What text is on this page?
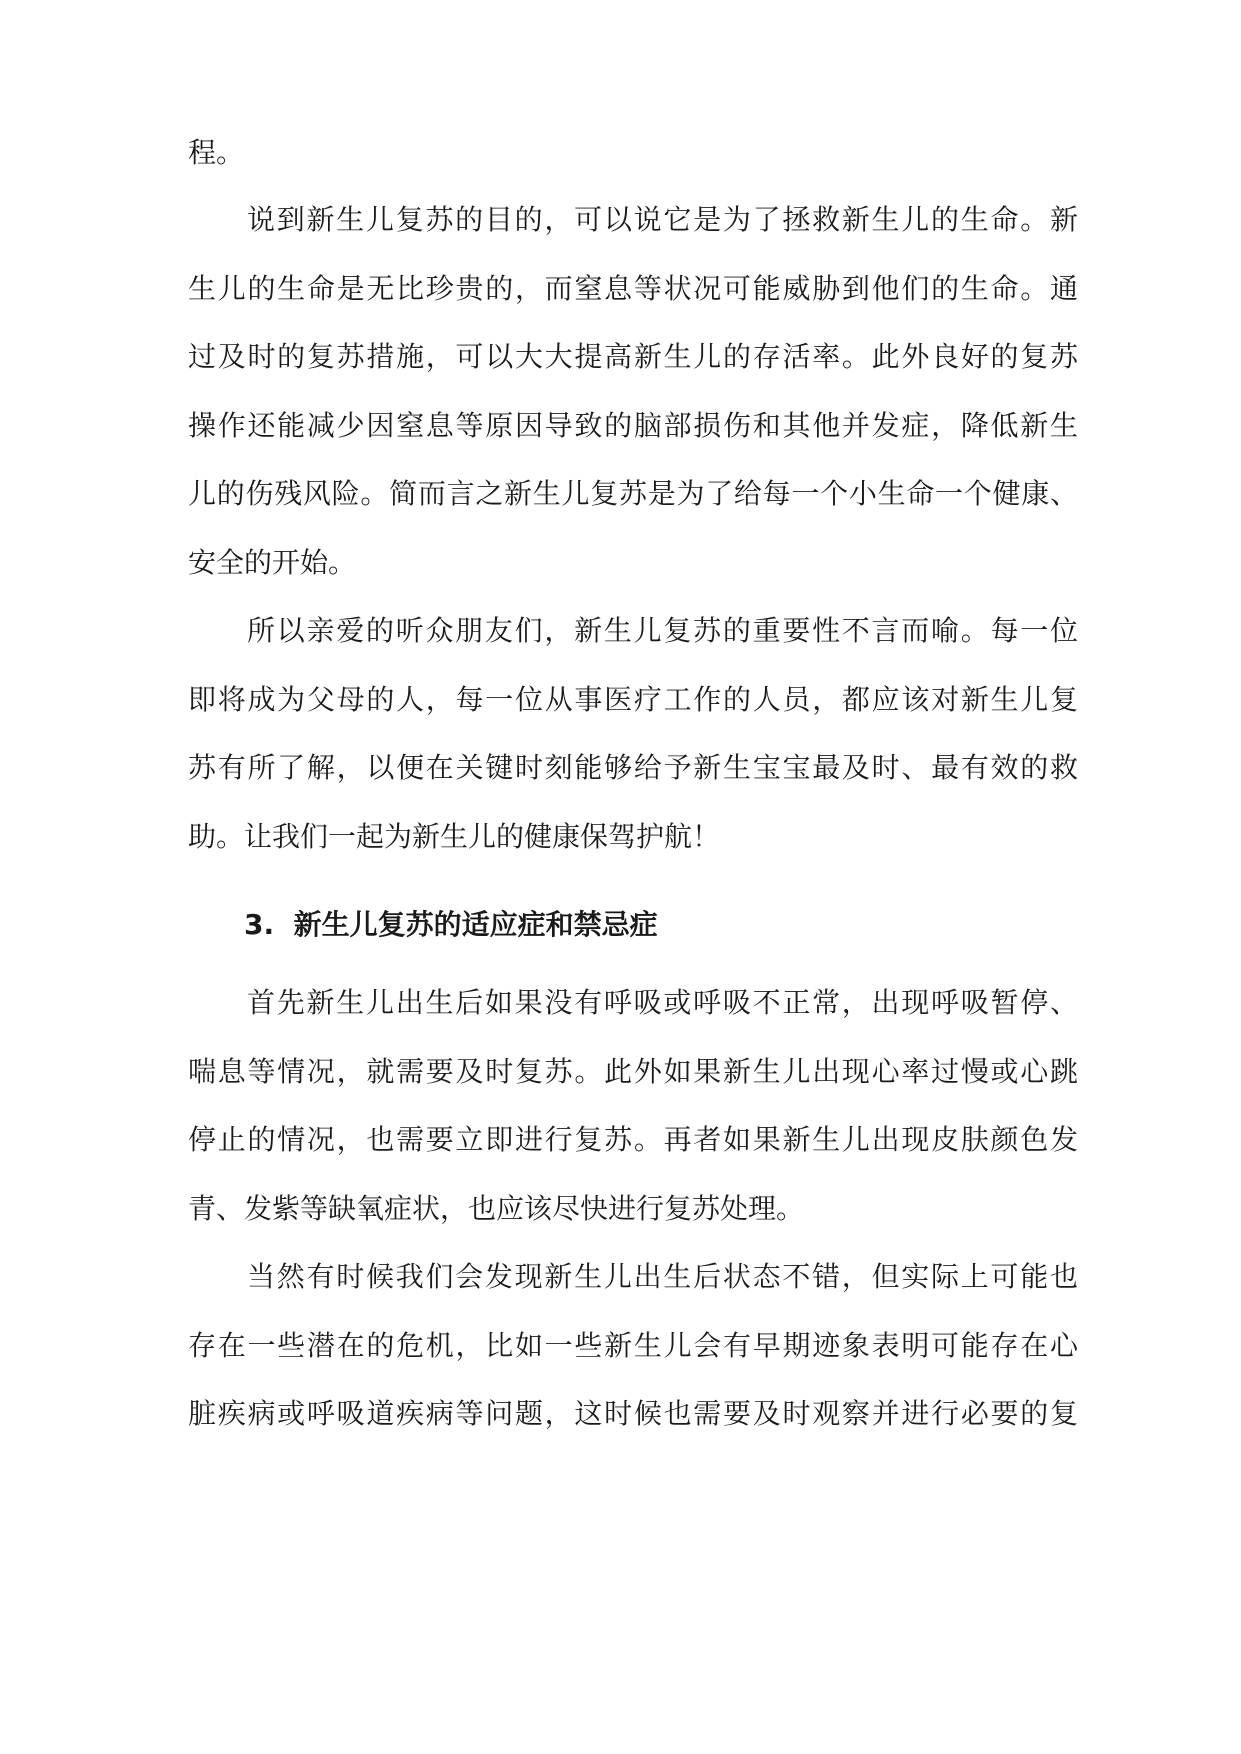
程。
说到新生儿复苏的目的，可以说它是为了拯救新生儿的生命。新
生儿的生命是无比珍贵的，而窒息等状况可能威胁到他们的生命。通
过及时的复苏措施，可以大大提高新生儿的存活率。此外良好的复苏
操作还能减少因窒息等原因导致的脑部损伤和其他并发症，降低新生
儿的伤残风险。简而言之新生儿复苏是为了给每一个小生命一个健康、
安全的开始。
所以亲爱的听众朋友们，新生儿复苏的重要性不言而喻。每一位
即将成为父母的人，每一位从事医疗工作的人员，都应该对新生儿复
苏有所了解，以便在关键时刻能够给予新生宝宝最及时、最有效的救
助。让我们一起为新生儿的健康保驾护航！
3.  新生儿复苏的适应症和禁忌症
首先新生儿出生后如果没有呼吸或呼吸不正常，出现呼吸暂停、
喘息等情况，就需要及时复苏。此外如果新生儿出现心率过慢或心跳
停止的情况，也需要立即进行复苏。再者如果新生儿出现皮肤颜色发
青、发紫等缺氧症状，也应该尽快进行复苏处理。
当然有时候我们会发现新生儿出生后状态不错，但实际上可能也
存在一些潜在的危机，比如一些新生儿会有早期迹象表明可能存在心
脏疾病或呼吸道疾病等问题，这时候也需要及时观察并进行必要的复
